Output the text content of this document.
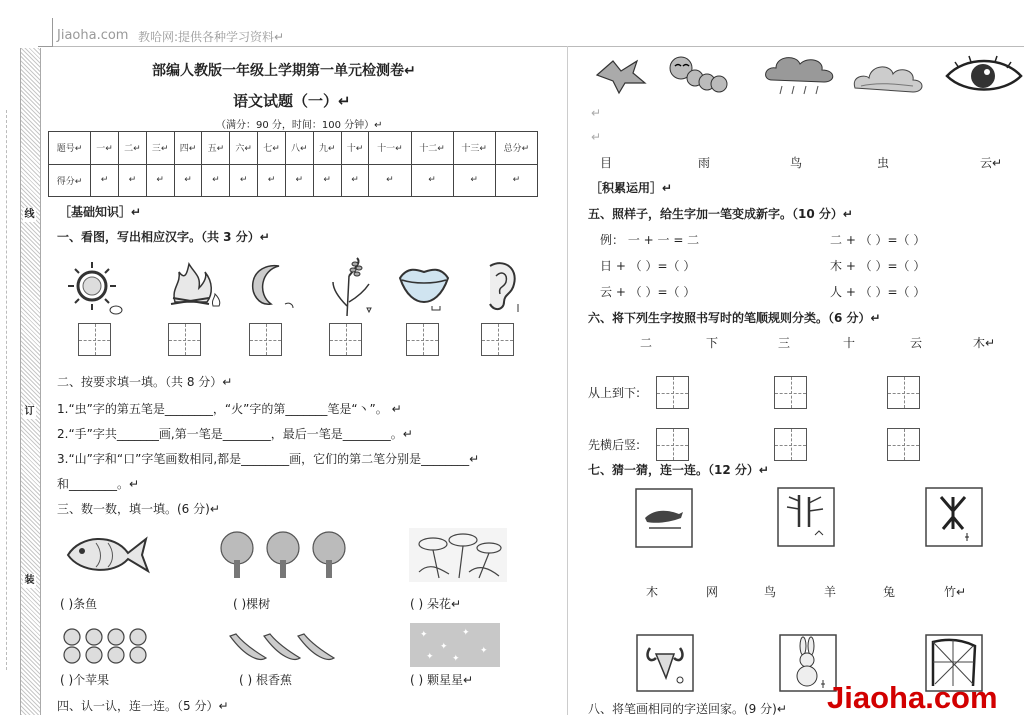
Jiaoha.com 教哈网:提供各种学习资料↵
线
订
装
部编人教版一年级上学期第一单元检测卷↵
语文试题（一）↵
（满分：90 分，时间：100 分钟）↵
题号↵	一↵	二↵	三↵	四↵	五↵	六↵	七↵	八↵	九↵	十↵	十一↵	十二↵	十三↵	总分↵
得分↵	↵	↵	↵	↵	↵	↵	↵	↵	↵	↵	↵	↵	↵	↵
［基础知识］↵
一、看图，写出相应汉字。（共 3 分）↵
二、按要求填一填。（共 8 分）↵
1.“虫”字的第五笔是________，“火”字的第_______笔是“丶”。 ↵
2.“手”字共_______画,第一笔是________，最后一笔是________。↵
3.“山”字和“口”字笔画数相同,都是________画，它们的第二笔分别是________↵
和________。↵
三、数一数，填一填。(6 分)↵
( )条鱼	( )棵树	( ) 朵花↵
✦
✦
✦
✦
✦
✦
( )个苹果	( ) 根香蕉	( ) 颗星星↵
四、认一认，连一连。（5 分）↵
↵
↵
目	雨	鸟	虫	云↵
［积累运用］↵
五、照样子，给生字加一笔变成新字。（10 分）↵
例： 一 + 一 = 二	二 + （ ）=（ ）
日 + （ ）=（ ）	木 + （ ）=（ ）
云 + （ ）=（ ）	人 + （ ）=（ ）
六、将下列生字按照书写时的笔顺规则分类。（6 分）↵
二	下	三	十	云	木↵
从上到下:
先横后竖:
七、猜一猜，连一连。（12 分）↵
木	网	鸟	羊	兔	竹↵
八、将笔画相同的字送回家。(9 分)↵ Jiaoha.com
